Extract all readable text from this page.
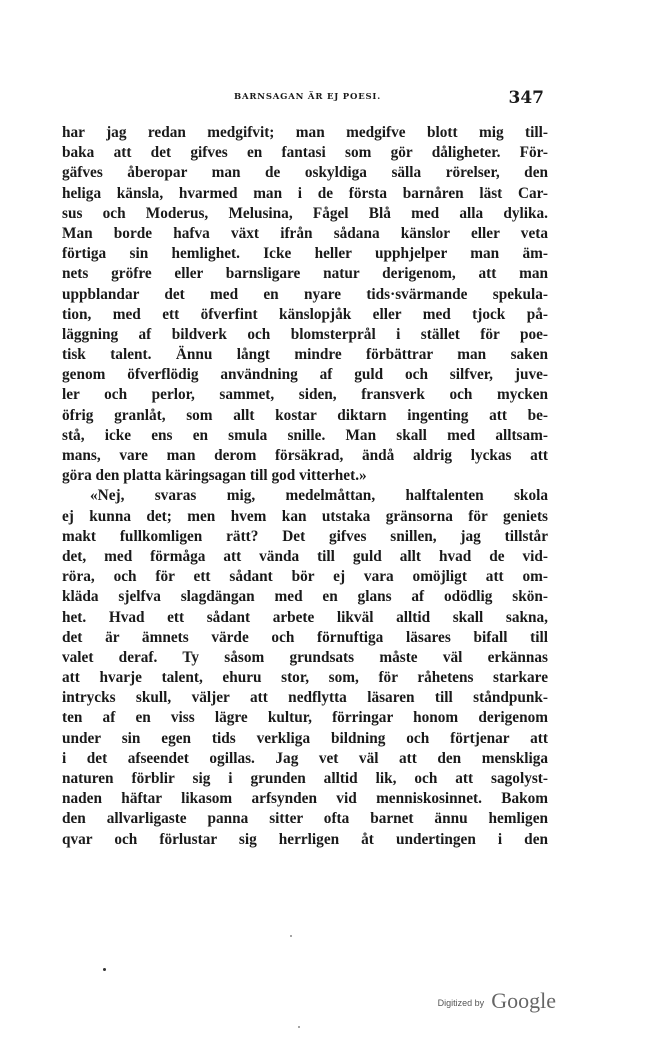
BARNSAGAN ÄR EJ POESI.	347
har jag redan medgifvit; man medgifve blott mig till-
baka att det gifves en fantasi som gör dåligheter. För-
gäfves åberopar man de oskyldiga sälla rörelser, den
heliga känsla, hvarmed man i de första barnåren läst Car-
sus och Moderus, Melusina, Fågel Blå med alla dylika.
Man borde hafva växt ifrån sådana känslor eller veta
förtiga sin hemlighet. Icke heller upphjelper man äm-
nets gröfre eller barnsligare natur derigenom, att man
uppblandar det med en nyare tids·svärmande spekula-
tion, med ett öfverfint känslopjåk eller med tjock på-
läggning af bildverk och blomsterprål i stället för poe-
tisk talent. Ännu långt mindre förbättrar man saken
genom öfverflödig användning af guld och silfver, juve-
ler och perlor, sammet, siden, fransverk och mycken
öfrig granlåt, som allt kostar diktarn ingenting att be-
stå, icke ens en smula snille. Man skall med alltsam-
mans, vare man derom försäkrad, ändå aldrig lyckas att
göra den platta käringsagan till god vitterhet.»
«Nej, svaras mig, medelmåttan, halftalenten skola
ej kunna det; men hvem kan utstaka gränsorna för geniets
makt fullkomligen rätt? Det gifves snillen, jag tillstår
det, med förmåga att vända till guld allt hvad de vid-
röra, och för ett sådant bör ej vara omöjligt att om-
kläda sjelfva slagdängan med en glans af odödlig skön-
het. Hvad ett sådant arbete likväl alltid skall sakna,
det är ämnets värde och förnuftiga läsares bifall till
valet deraf. Ty såsom grundsats måste väl erkännas
att hvarje talent, ehuru stor, som, för råhetens starkare
intrycks skull, väljer att nedflytta läsaren till ståndpunk-
ten af en viss lägre kultur, förringar honom derigenom
under sin egen tids verkliga bildning och förtjenar att
i det afseendet ogillas. Jag vet väl att den menskliga
naturen förblir sig i grunden alltid lik, och att sagolyst-
naden häftar likasom arfsynden vid menniskosinnet. Bakom
den allvarligaste panna sitter ofta barnet ännu hemligen
qvar och förlustar sig herrligen åt undertingen i den
Digitized by Google
